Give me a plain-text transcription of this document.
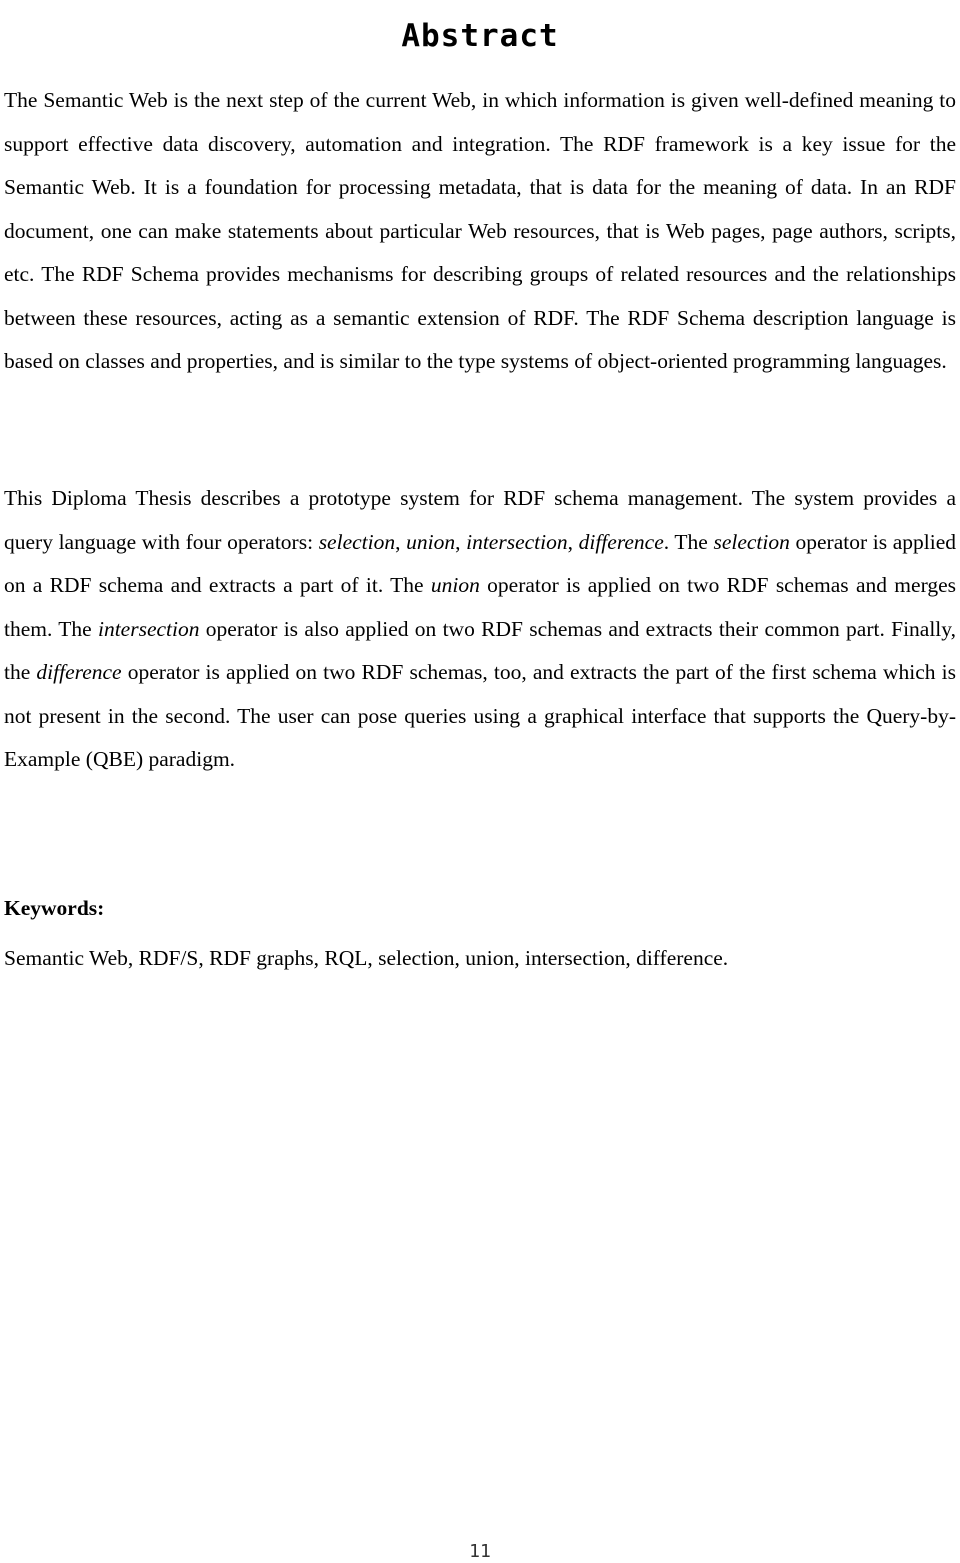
Abstract

The Semantic Web is the next step of the current Web, in which information is given well-defined meaning to support effective data discovery, automation and integration. The RDF framework is a key issue for the Semantic Web. It is a foundation for processing metadata, that is data for the meaning of data. In an RDF document, one can make statements about particular Web resources, that is Web pages, page authors, scripts, etc. The RDF Schema provides mechanisms for describing groups of related resources and the relationships between these resources, acting as a semantic extension of RDF. The RDF Schema description language is based on classes and properties, and is similar to the type systems of object-oriented programming languages.

This Diploma Thesis describes a prototype system for RDF schema management. The system provides a query language with four operators: selection, union, intersection, difference. The selection operator is applied on a RDF schema and extracts a part of it. The union operator is applied on two RDF schemas and merges them. The intersection operator is also applied on two RDF schemas and extracts their common part. Finally, the difference operator is applied on two RDF schemas, too, and extracts the part of the first schema which is not present in the second. The user can pose queries using a graphical interface that supports the Query-by-Example (QBE) paradigm.

Keywords:

Semantic Web, RDF/S, RDF graphs, RQL, selection, union, intersection, difference.

11
